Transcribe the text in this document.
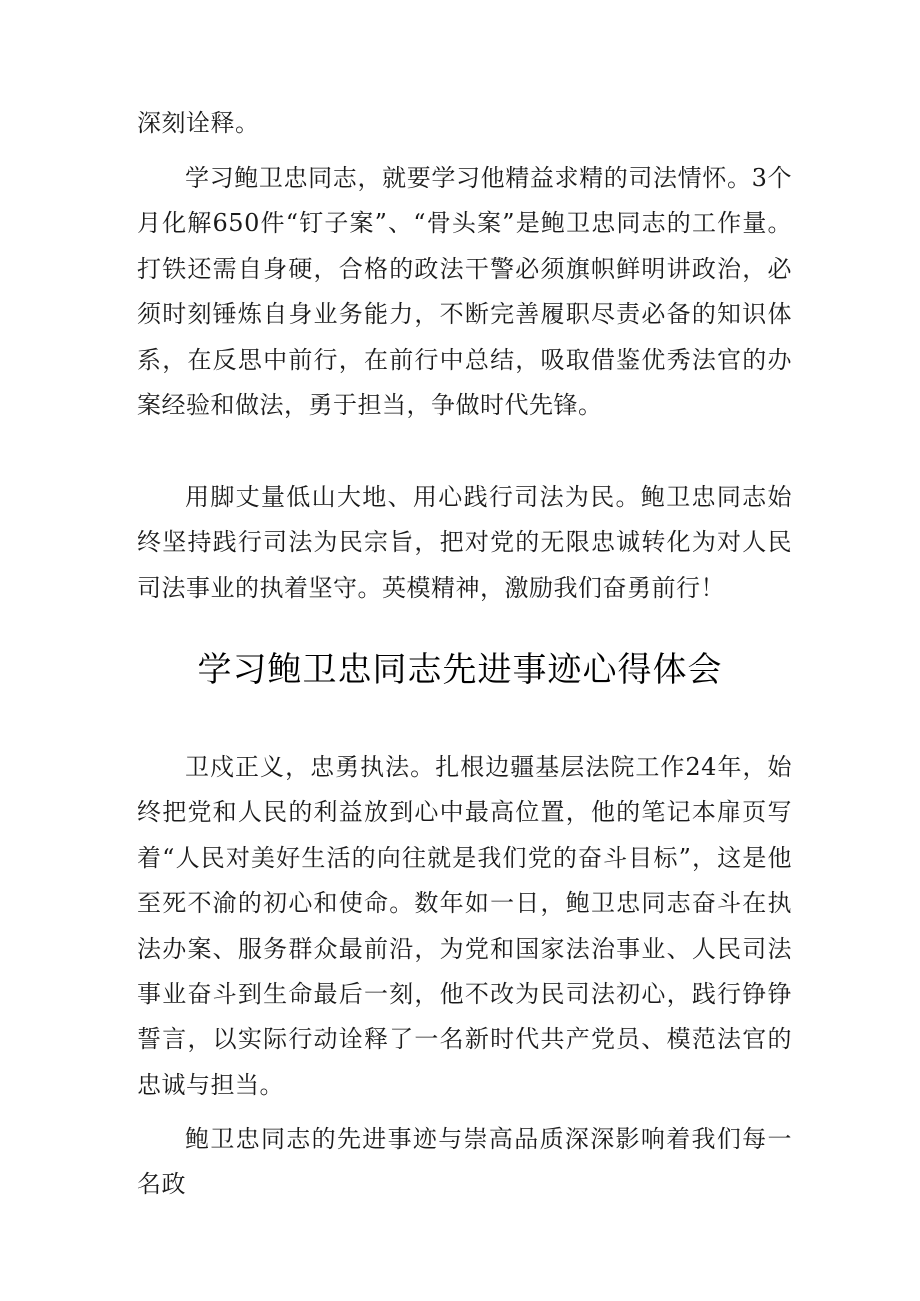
深刻诠释。

学习鲍卫忠同志，就要学习他精益求精的司法情怀。3个月化解650件“钉子案”、“骨头案”是鲍卫忠同志的工作量。打铁还需自身硬，合格的政法干警必须旗帜鲜明讲政治，必须时刻锤炼自身业务能力，不断完善履职尽责必备的知识体系，在反思中前行，在前行中总结，吸取借鉴优秀法官的办案经验和做法，勇于担当，争做时代先锋。

用脚丈量低山大地、用心践行司法为民。鲍卫忠同志始终坚持践行司法为民宗旨，把对党的无限忠诚转化为对人民司法事业的执着坚守。英模精神，激励我们奋勇前行！

学习鲍卫忠同志先进事迹心得体会

卫戍正义，忠勇执法。扎根边疆基层法院工作24年，始终把党和人民的利益放到心中最高位置，他的笔记本扉页写着“人民对美好生活的向往就是我们党的奋斗目标”，这是他至死不渝的初心和使命。数年如一日，鲍卫忠同志奋斗在执法办案、服务群众最前沿，为党和国家法治事业、人民司法事业奋斗到生命最后一刻，他不改为民司法初心，践行铮铮誓言，以实际行动诠释了一名新时代共产党员、模范法官的忠诚与担当。

鲍卫忠同志的先进事迹与崇高品质深深影响着我们每一名政
